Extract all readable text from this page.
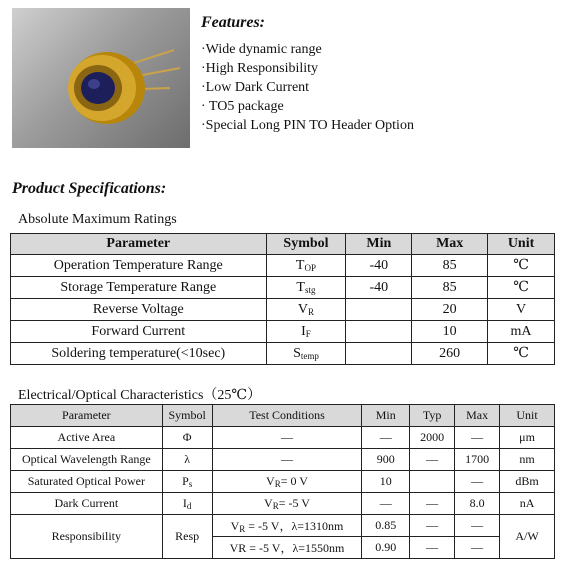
Features:
·Wide dynamic range
·High Responsibility
·Low Dark Current
· TO5 package
·Special Long PIN TO Header Option
Product Specifications:
Absolute Maximum Ratings
Parameter	Symbol	Min	Max	Unit
Operation Temperature Range	$T_{OP}$	-40	85	℃
Storage Temperature Range	$T_{stg}$	-40	85	℃
Reverse Voltage	$V_R$		20	V
Forward Current	$I_F$		10	mA
Soldering temperature(<10sec)	$S_{temp}$		260	℃
Electrical/Optical Characteristics（25℃）
Parameter	Symbol	Test Conditions	Min	Typ	Max	Unit
Active Area	Φ	—	—	2000	—	μm
Optical Wavelength Range	λ	—	900	—	1700	nm
Saturated Optical Power	$P_s$	$V_R= 0$ V	10		—	dBm
Dark Current	$I_d$	$V_R= -5$ V	—	—	8.0	nA
Responsibility	Resp	$V_R = -5$ V，λ=1310nm	0.85	—	—	A/W
		VR = -5 V，λ=1550nm	0.90	—	—	
